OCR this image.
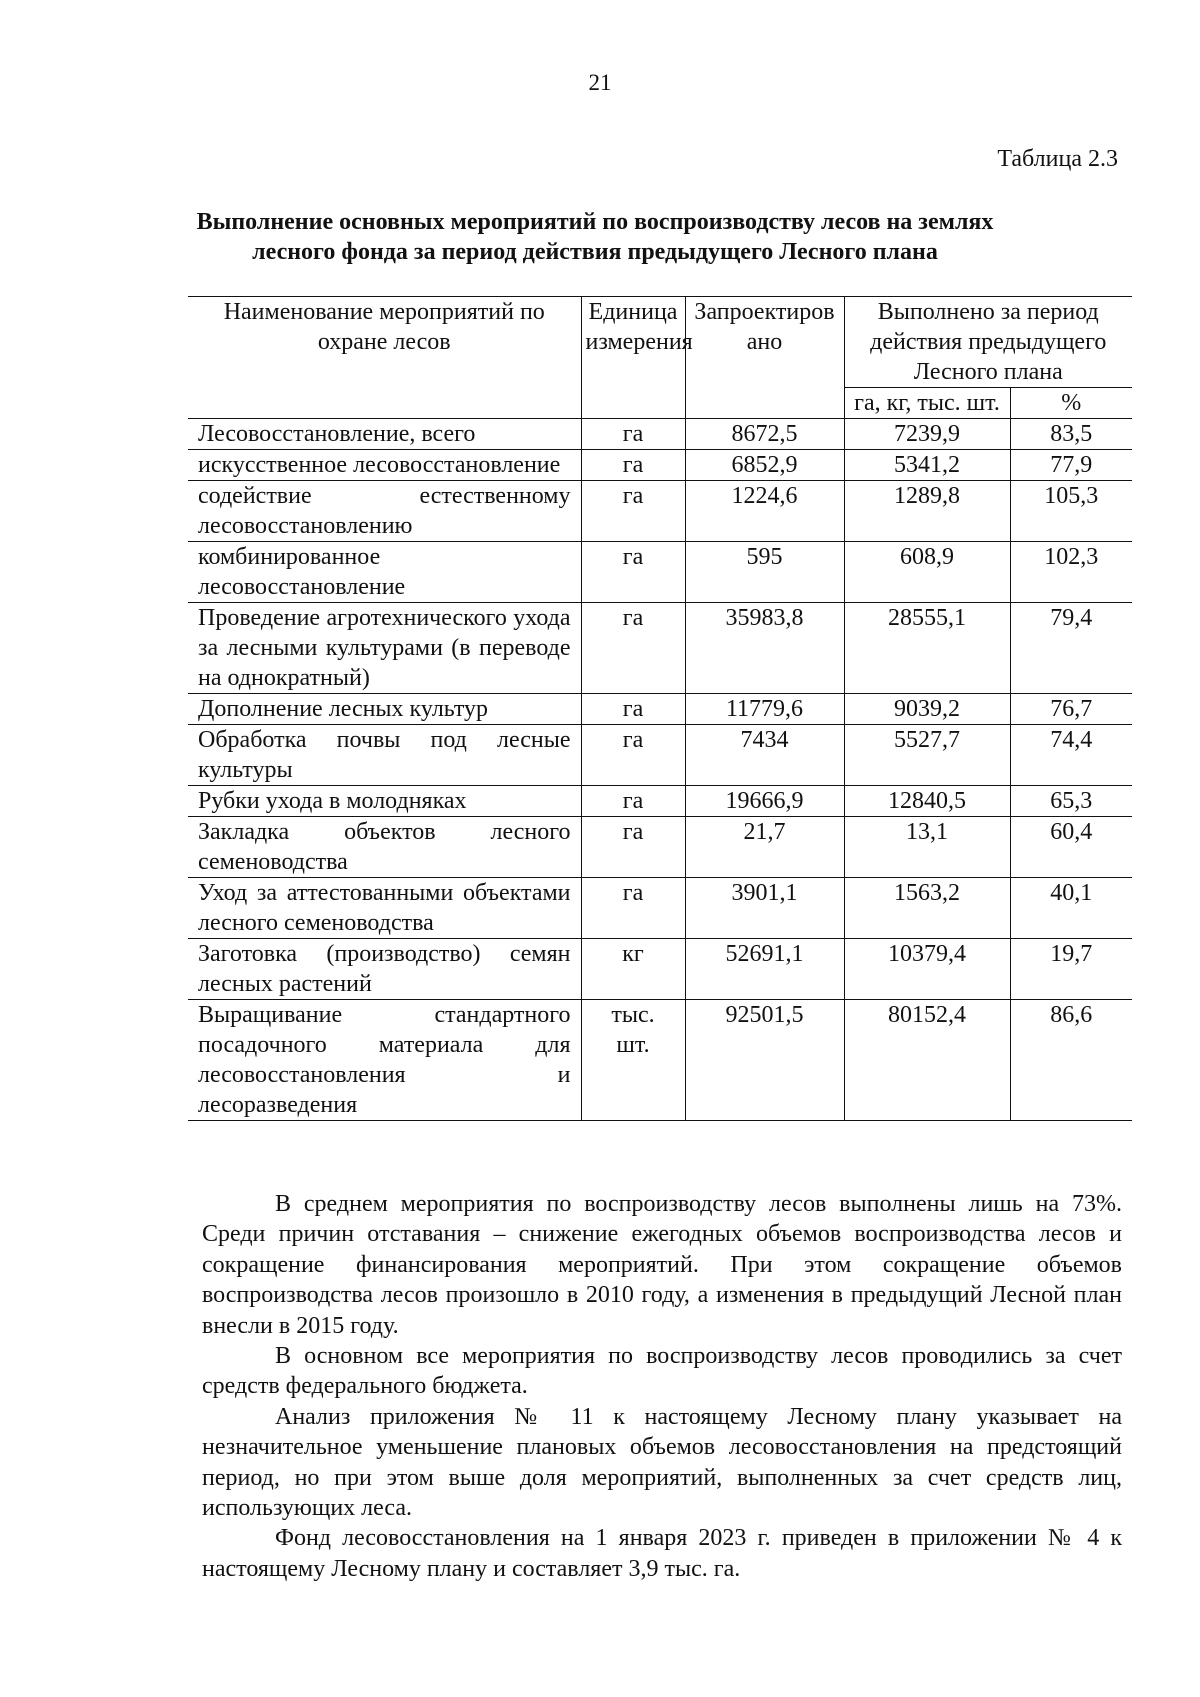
21
Таблица 2.3
Выполнение основных мероприятий по воспроизводству лесов на землях
лесного фонда за период действия предыдущего Лесного плана
Наименование мероприятий по охране лесов	Единица измерения	Запроектировано	Выполнено за период действия предыдущего Лесного плана	
			га, кг, тыс. шт.	%
Лесовосстановление, всего	га	8672,5	7239,9	83,5
искусственное лесовосстановление	га	6852,9	5341,2	77,9
содействие естественному лесовосстановлению	га	1224,6	1289,8	105,3
комбинированное лесовосстановление	га	595	608,9	102,3
Проведение агротехнического ухода за лесными культурами (в переводе на однократный)	га	35983,8	28555,1	79,4
Дополнение лесных культур	га	11779,6	9039,2	76,7
Обработка почвы под лесные культуры	га	7434	5527,7	74,4
Рубки ухода в молодняках	га	19666,9	12840,5	65,3
Закладка объектов лесного семеноводства	га	21,7	13,1	60,4
Уход за аттестованными объектами лесного семеноводства	га	3901,1	1563,2	40,1
Заготовка (производство) семян лесных растений	кг	52691,1	10379,4	19,7
Выращивание стандартного посадочного материала для лесовосстановления и лесоразведения	тыс. шт.	92501,5	80152,4	86,6

В среднем мероприятия по воспроизводству лесов выполнены лишь на 73%. Среди причин отставания – снижение ежегодных объемов воспроизводства лесов и сокращение финансирования мероприятий. При этом сокращение объемов воспроизводства лесов произошло в 2010 году, а изменения в предыдущий Лесной план внесли в 2015 году.

В основном все мероприятия по воспроизводству лесов проводились за счет средств федерального бюджета.

Анализ приложения № 11 к настоящему Лесному плану указывает на незначительное уменьшение плановых объемов лесовосстановления на предстоящий период, но при этом выше доля мероприятий, выполненных за счет средств лиц, использующих леса.

Фонд лесовосстановления на 1 января 2023 г. приведен в приложении № 4 к настоящему Лесному плану и составляет 3,9 тыс. га.
